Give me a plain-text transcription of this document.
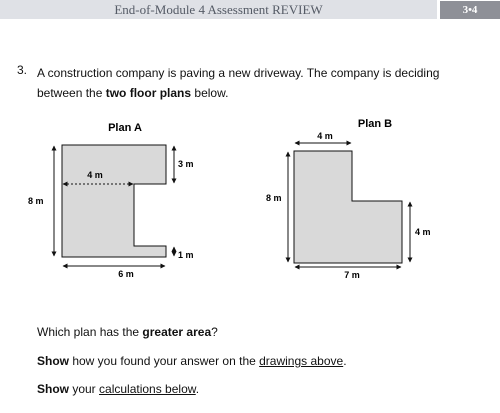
End-of-Module 4 Assessment REVIEW	3•4
3. A construction company is paving a new driveway. The company is deciding
between the two floor plans below.
Plan A
4 m
3 m
1 m
8 m
6 m
Plan B
4 m
8 m
4 m
7 m
Which plan has the greater area?
Show how you found your answer on the drawings above.
Show your calculations below.
